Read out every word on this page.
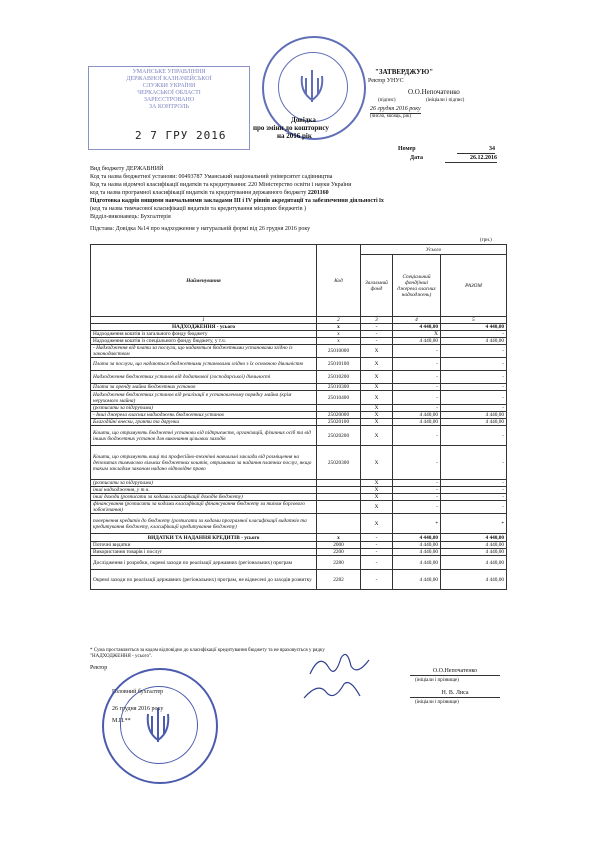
"ЗАТВЕРДЖУЮ"
Ректор УНУС
О.О.Непочатенко
(підпис)	(ініціали і підпис)
26 грудня 2016 року
(число, місяць, рік)
УМАНСЬКЕ УПРАВЛІННЯ
ДЕРЖАВНОЇ КАЗНАЧЕЙСЬКОЇ
СЛУЖБИ УКРАЇНИ
ЧЕРКАСЬКОЇ ОБЛАСТІ
ЗАРЕЄСТРОВАНО
ЗА КОНТРОЛЬ
2 7 ГРУ 2016
Довідка
про зміни до кошторису
на 2016 рік
Номер	34
Дата	26.12.2016
Вид бюджету ДЕРЖАВНИЙ
Код та назва бюджетної установи: 00493787 Уманський національний університет садівництва
Код та назва відомчої класифікації видатків та кредитування: 220 Міністерство освіти і науки України
код та назва програмної класифікації видатків та кредитування державного бюджету 2201160
Підготовка кадрів вищими навчальними закладами ІІІ і IV рівнів акредитації та забезпечення діяльності їх
(код та назва тимчасової класифікації видатків та кредитування місцевих бюджетів )
Відділ-виконавець: Бухгалтерія
Підстава: Довідка №14 про надходження у натуральній формі від 26 грудня 2016 року
(грн.)
Найменування	Код	Усього		
		Загальний фонд	Спеціальний фонд(інші джерела власних надходжень)	РАЗОМ
1	2	3	4	5
НАДХОДЖЕННЯ - усього	x	-	4 440,00	4 440,00
Надходження коштів із загального фонду бюджету	x	-	X	-
Надходження коштів із спеціального фонду бюджету, у т.ч.	x	-	4 440,00	4 440,00
- Надходження від плати за послуги, що надаються бюджетними установами згідно із законодавством	25010000	X	-	-
Плата за послуги, що надаються бюджетними установами згідно з їх основною діяльністю	25010100	X	-	-
Надходження бюджетних установ від додаткової (господарської) діяльності	25010200	X	-	-
Плата за оренду майна бюджетних установ	25010300	X	-	-
Надходження бюджетних установ від реалізації в установленому порядку майна (крім нерухомого майна)	25010400	X	-	-
(розписати за підгрупами)		X	-	-
- Інші джерела власних надходжень бюджетних установ	25020000	X	4 440,00	4 440,00
Благодійні внески, гранти та дарунки	25020100	X	4 440,00	4 440,00
Кошти, що отримують бюджетні установи від підприємств, організацій, фізичних осіб та від інших бюджетних установ для виконання цільових заходів	25020200	X	-	-
Кошти, що отримують вищі та професійно-технічні навчальні заклади від розміщення на депозитах тимчасово вільних бюджетних коштів, отриманих за надання платних послуг, якщо таким закладам законом надано відповідне право	25020300	X	-	-
(розписати за підгрупами)		X	-	-
інші надходження, у т.ч.		X	-	-
інші доходи (розписати за кодами класифікації доходів бюджету)		X	-	-
фінансування (розписати за кодами класифікації фінансування бюджету за типом боргового зобов'язання)		X	-	-
повернення кредитів до бюджету (розписати за кодами програмної класифікації видатків та кредитування бюджету, класифікації кредитування бюджету)		X	*	*
ВИДАТКИ ТА НАДАННЯ КРЕДИТІВ - усього	x	-	4 440,00	4 440,00
Поточні видатки	2000	-	4 440,00	4 440,00
Використання товарів і послуг	2200	-	4 440,00	4 440,00
Дослідження і розробки, окремі заходи по реалізації державних (регіональних) програм	2280	-	4 440,00	4 440,00
Окремі заходи по реалізації державних (регіональних) програм, не віднесені до заходів розвитку	2282	-	4 440,00	4 440,00
* Сума проставляється за кодом відповідно до класифікації кредитування бюджету та не враховується у рядку "НАДХОДЖЕННЯ - усього".
Ректор	О.О.Непочатенко
(ініціали і прізвище)
Головний бухгалтер	Н. В. Лиса
(ініціали і прізвище)
26 грудня 2016 року
М.П.**
